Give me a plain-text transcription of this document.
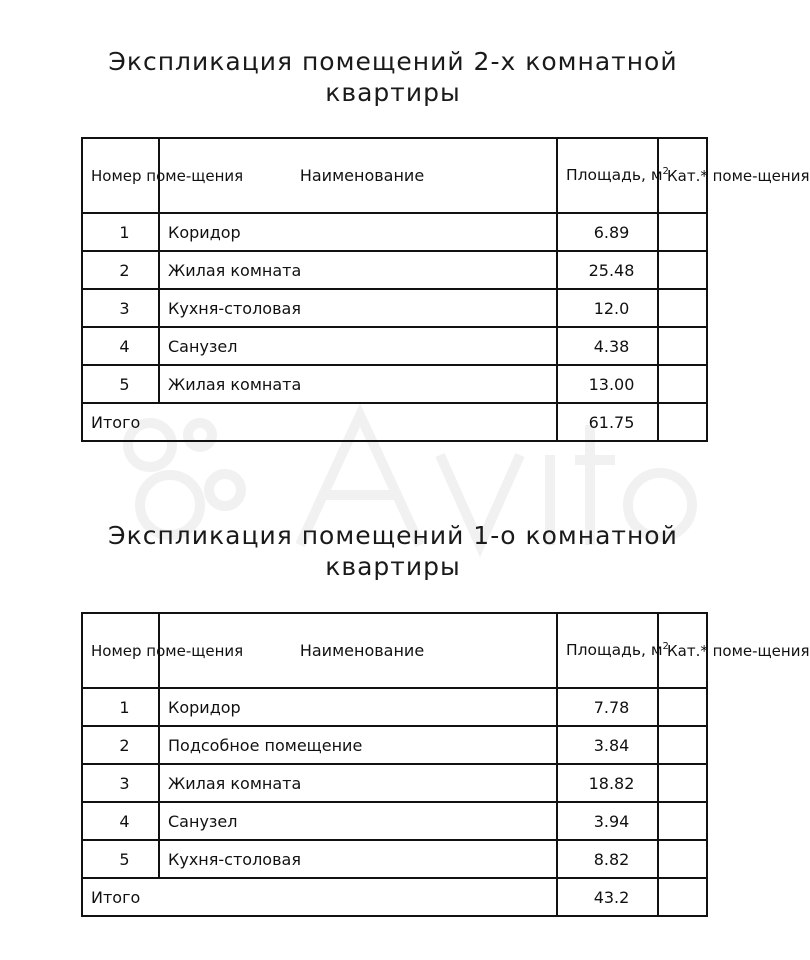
Экспликация помещений 2-х комнатной
квартиры
Номер поме-щения	Наименование	Площадь, $м^2$	Кат.* поме-щения
1	Коридор	6.89	
2	Жилая комната	25.48	
3	Кухня-столовая	12.0	
4	Санузел	4.38	
5	Жилая комната	13.00	
Итого		61.75	
Экспликация помещений 1-о комнатной
квартиры
Номер поме-щения	Наименование	Площадь, $м^2$	Кат.* поме-щения
1	Коридор	7.78	
2	Подсобное помещение	3.84	
3	Жилая комната	18.82	
4	Санузел	3.94	
5	Кухня-столовая	8.82	
Итого		43.2	
